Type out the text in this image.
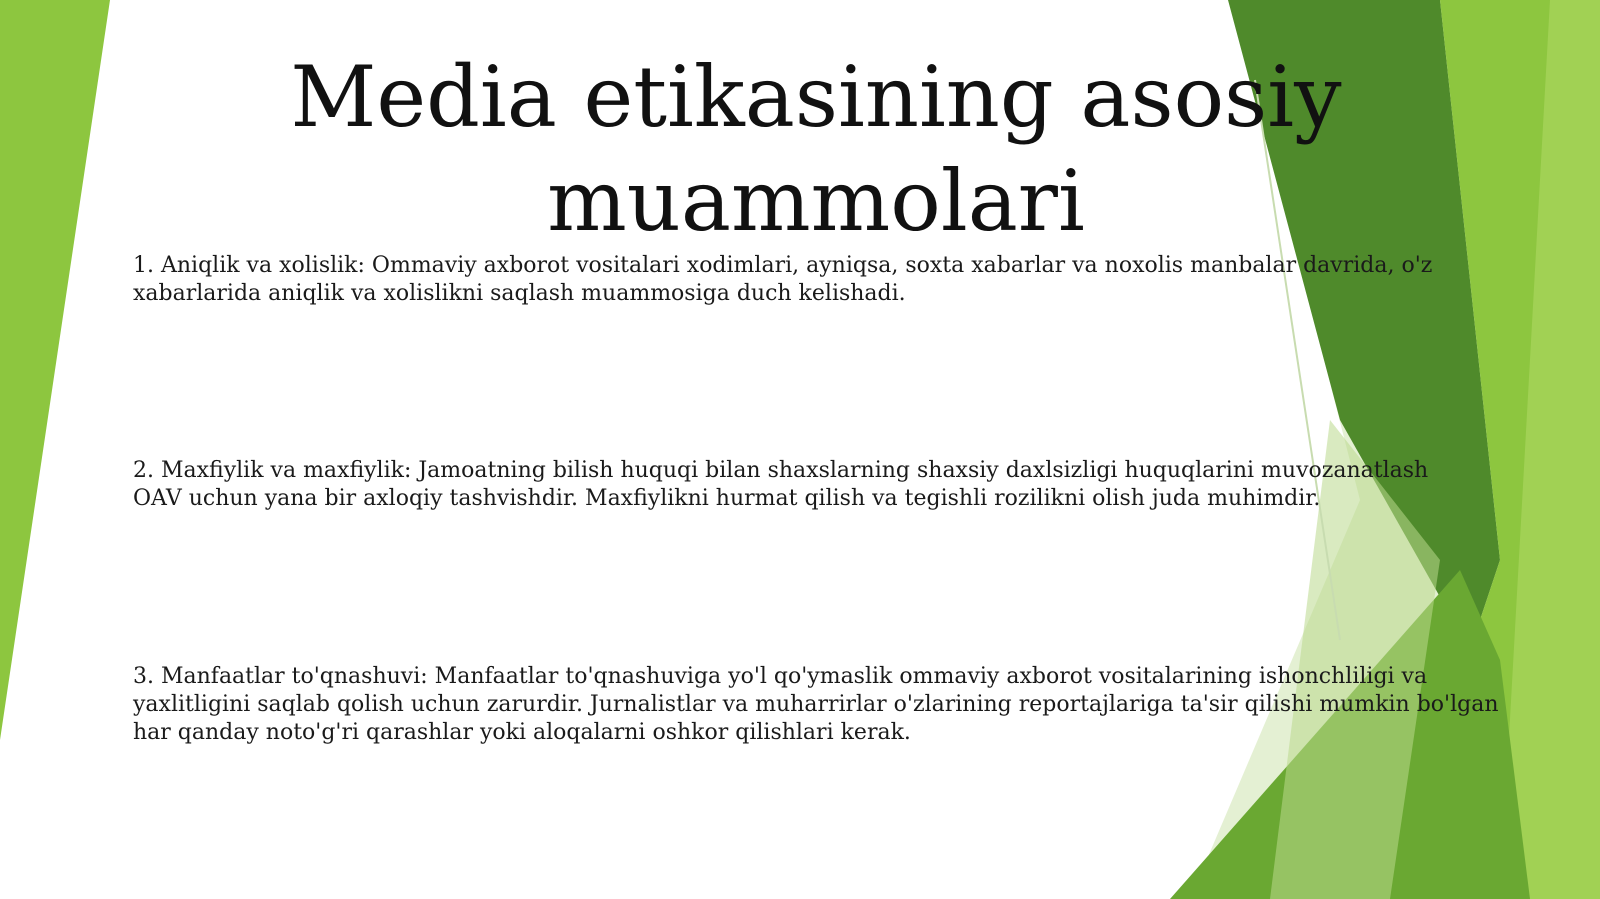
Media etikasining asosiy
muammolari
1. Aniqlik va xolislik: Ommaviy axborot vositalari xodimlari, ayniqsa, soxta xabarlar va noxolis manbalar davrida, o'z
xabarlarida aniqlik va xolislikni saqlash muammosiga duch kelishadi.
2. Maxfiylik va maxfiylik: Jamoatning bilish huquqi bilan shaxslarning shaxsiy daxlsizligi huquqlarini muvozanatlash
OAV uchun yana bir axloqiy tashvishdir. Maxfiylikni hurmat qilish va tegishli rozilikni olish juda muhimdir.
3. Manfaatlar to'qnashuvi: Manfaatlar to'qnashuviga yo'l qo'ymaslik ommaviy axborot vositalarining ishonchliligi va
yaxlitligini saqlab qolish uchun zarurdir. Jurnalistlar va muharrirlar o'zlarining reportajlariga ta'sir qilishi mumkin bo'lgan
har qanday noto'g'ri qarashlar yoki aloqalarni oshkor qilishlari kerak.
